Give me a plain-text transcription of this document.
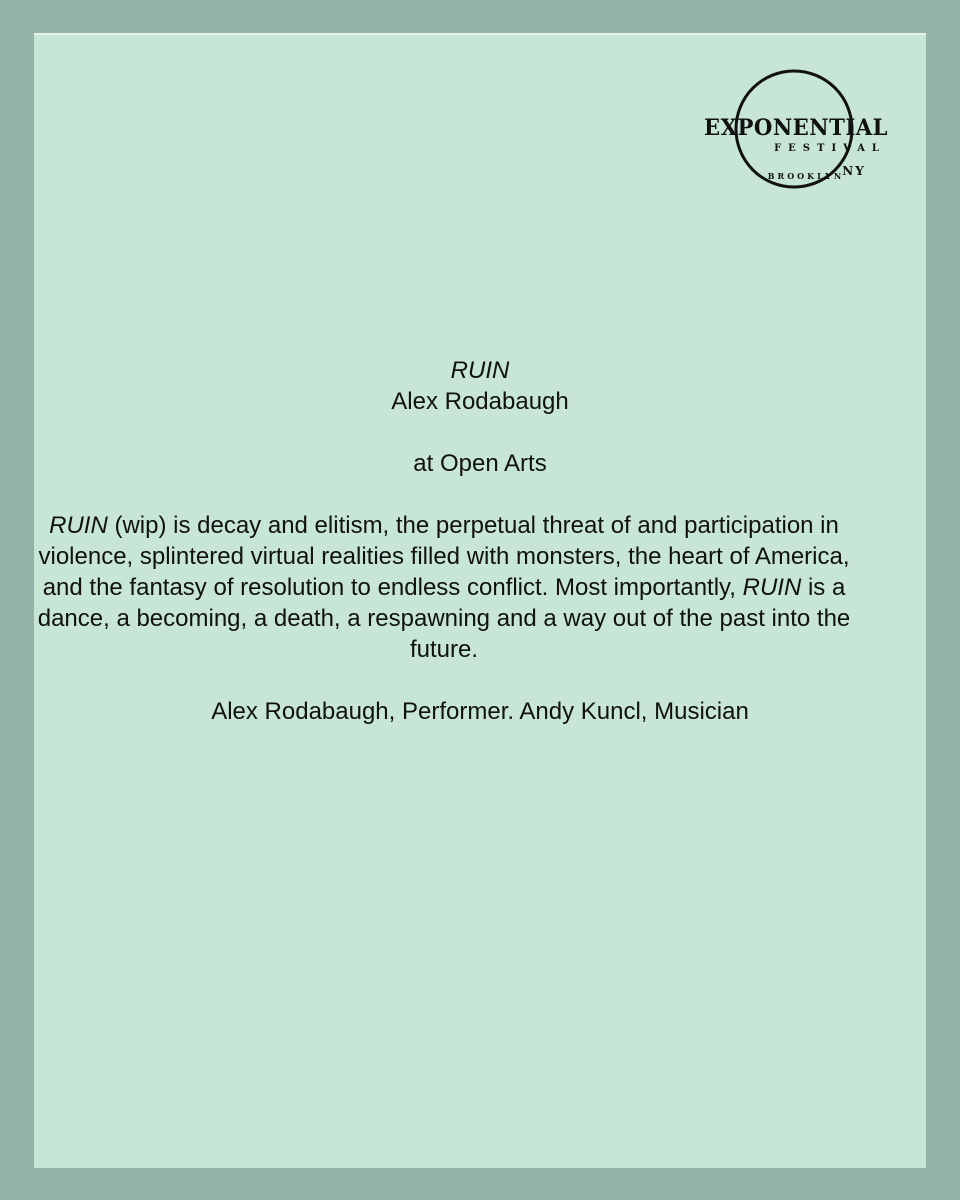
EXPONENTIAL
FESTIVAL
BROOKLYN
NY

RUIN

Alex Rodabaugh

at Open Arts

RUIN (wip) is decay and elitism, the perpetual threat of and participation in violence, splintered virtual realities filled with monsters, the heart of America, and the fantasy of resolution to endless conflict. Most importantly, RUIN is a dance, a becoming, a death, a respawning and a way out of the past into the future.

Alex Rodabaugh, Performer. Andy Kuncl, Musician
